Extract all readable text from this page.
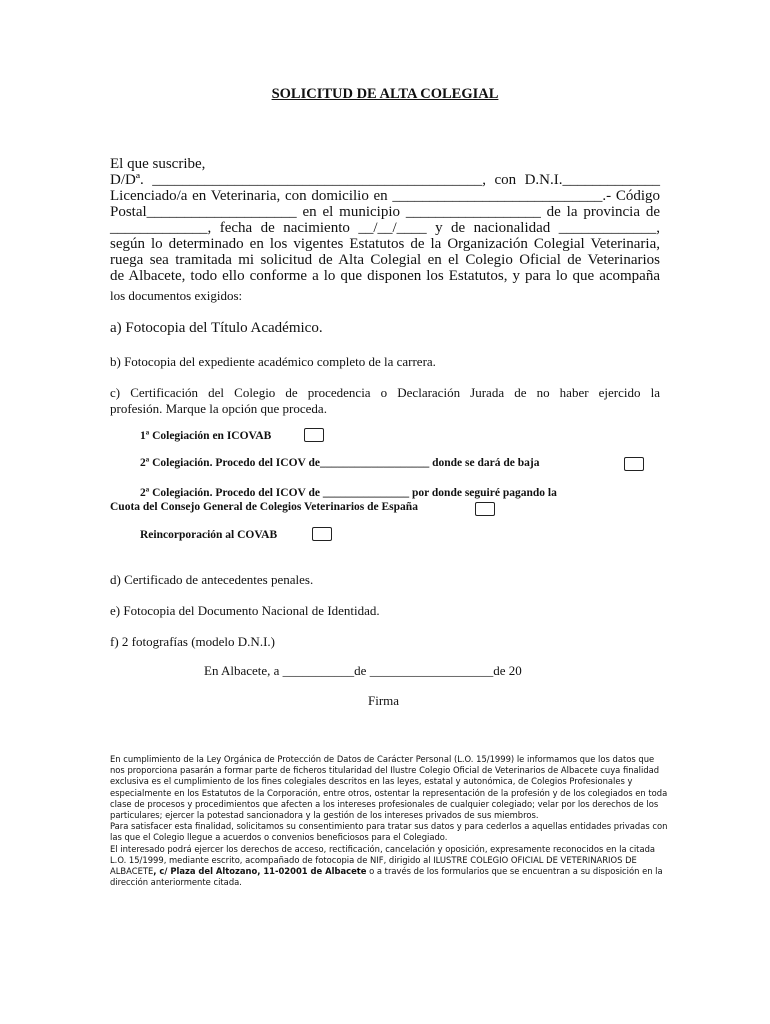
SOLICITUD DE ALTA COLEGIAL
El que suscribe,
D/Dª. ____________________________________________, con D.N.I._____________
Licenciado/a en Veterinaria, con domicilio en ____________________________.- Código
Postal____________________ en el municipio __________________ de la provincia de
_____________, fecha de nacimiento __/__/____ y de nacionalidad _____________,
según lo determinado en los vigentes Estatutos de la Organización Colegial Veterinaria,
ruega sea tramitada mi solicitud de Alta Colegial en el Colegio Oficial de Veterinarios
de Albacete, todo ello conforme a lo que disponen los Estatutos, y para lo que acompaña
los documentos exigidos:
a) Fotocopia del Título Académico.
b) Fotocopia del expediente académico completo de la carrera.
c) Certificación del Colegio de procedencia o Declaración Jurada de no haber ejercido la
profesión. Marque la opción que proceda.
1ª Colegiación en ICOVAB
2ª Colegiación. Procedo del ICOV de___________________ donde se dará de baja
2ª Colegiación. Procedo del ICOV de _______________ por donde seguiré pagando la
Cuota del Consejo General de Colegios Veterinarios de España
Reincorporación al COVAB
d) Certificado de antecedentes penales.
e) Fotocopia del Documento Nacional de Identidad.
f) 2 fotografías (modelo D.N.I.)
En Albacete, a ___________de ___________________de 20
Firma

En cumplimiento de la Ley Orgánica de Protección de Datos de Carácter Personal (L.O. 15/1999) le informamos que los datos que nos proporciona pasarán a formar parte de ficheros titularidad del Ilustre Colegio Oficial de Veterinarios de Albacete cuya finalidad exclusiva es el cumplimiento de los fines colegiales descritos en las leyes, estatal y autonómica, de Colegios Profesionales y especialmente en los Estatutos de la Corporación, entre otros, ostentar la representación de la profesión y de los colegiados en toda clase de procesos y procedimientos que afecten a los intereses profesionales de cualquier colegiado; velar por los derechos de los particulares; ejercer la potestad sancionadora y la gestión de los intereses privados de sus miembros.

Para satisfacer esta finalidad, solicitamos su consentimiento para tratar sus datos y para cederlos a aquellas entidades privadas con las que el Colegio llegue a acuerdos o convenios beneficiosos para el Colegiado.

El interesado podrá ejercer los derechos de acceso, rectificación, cancelación y oposición, expresamente reconocidos en la citada L.O. 15/1999, mediante escrito, acompañado de fotocopia de NIF, dirigido al ILUSTRE COLEGIO OFICIAL DE VETERINARIOS DE ALBACETE, c/ Plaza del Altozano, 11-02001 de Albacete o a través de los formularios que se encuentran a su disposición en la dirección anteriormente citada.
